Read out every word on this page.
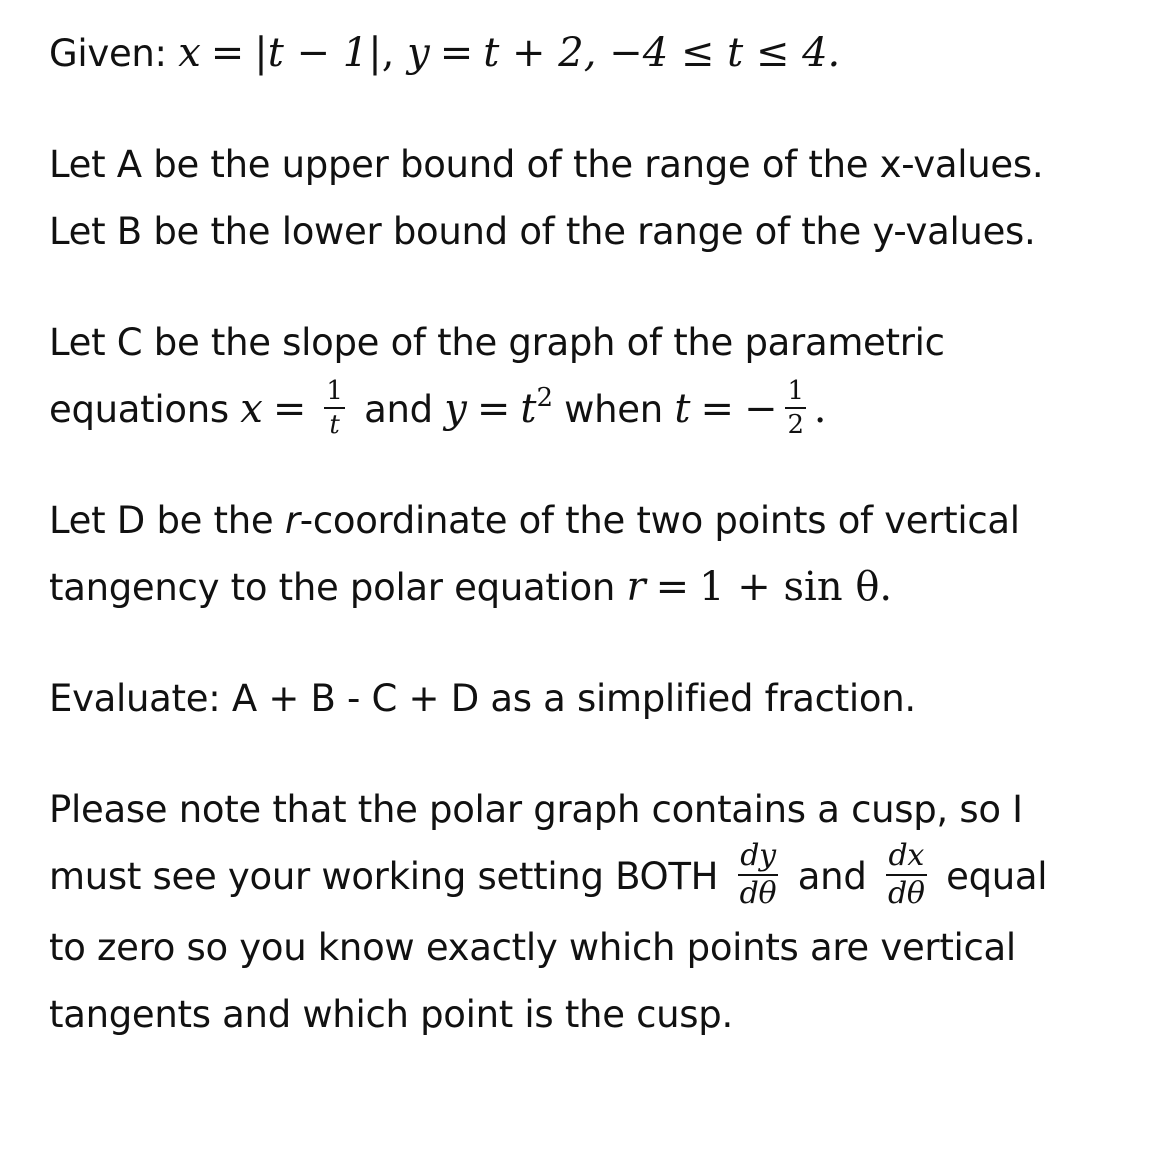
Given: x = |t − 1|, y = t + 2, −4 ≤ t ≤ 4.
Let A be the upper bound of the range of the x-values.
Let B be the lower bound of the range of the y-values.
Let C be the slope of the graph of the parametric
equations $x = \frac{1}{t}$ and $y = t^2$ when t = − $\frac{1}{2}$ .
Let D be the r-coordinate of the two points of vertical
tangency to the polar equation r = 1 + sin θ.
Evaluate: A + B - C + D as a simplified fraction.
Please note that the polar graph contains a cusp, so I
must see your working setting BOTH $\frac{dy}{d\theta}$ and $\frac{dx}{d\theta}$ equal
to zero so you know exactly which points are vertical
tangents and which point is the cusp.
